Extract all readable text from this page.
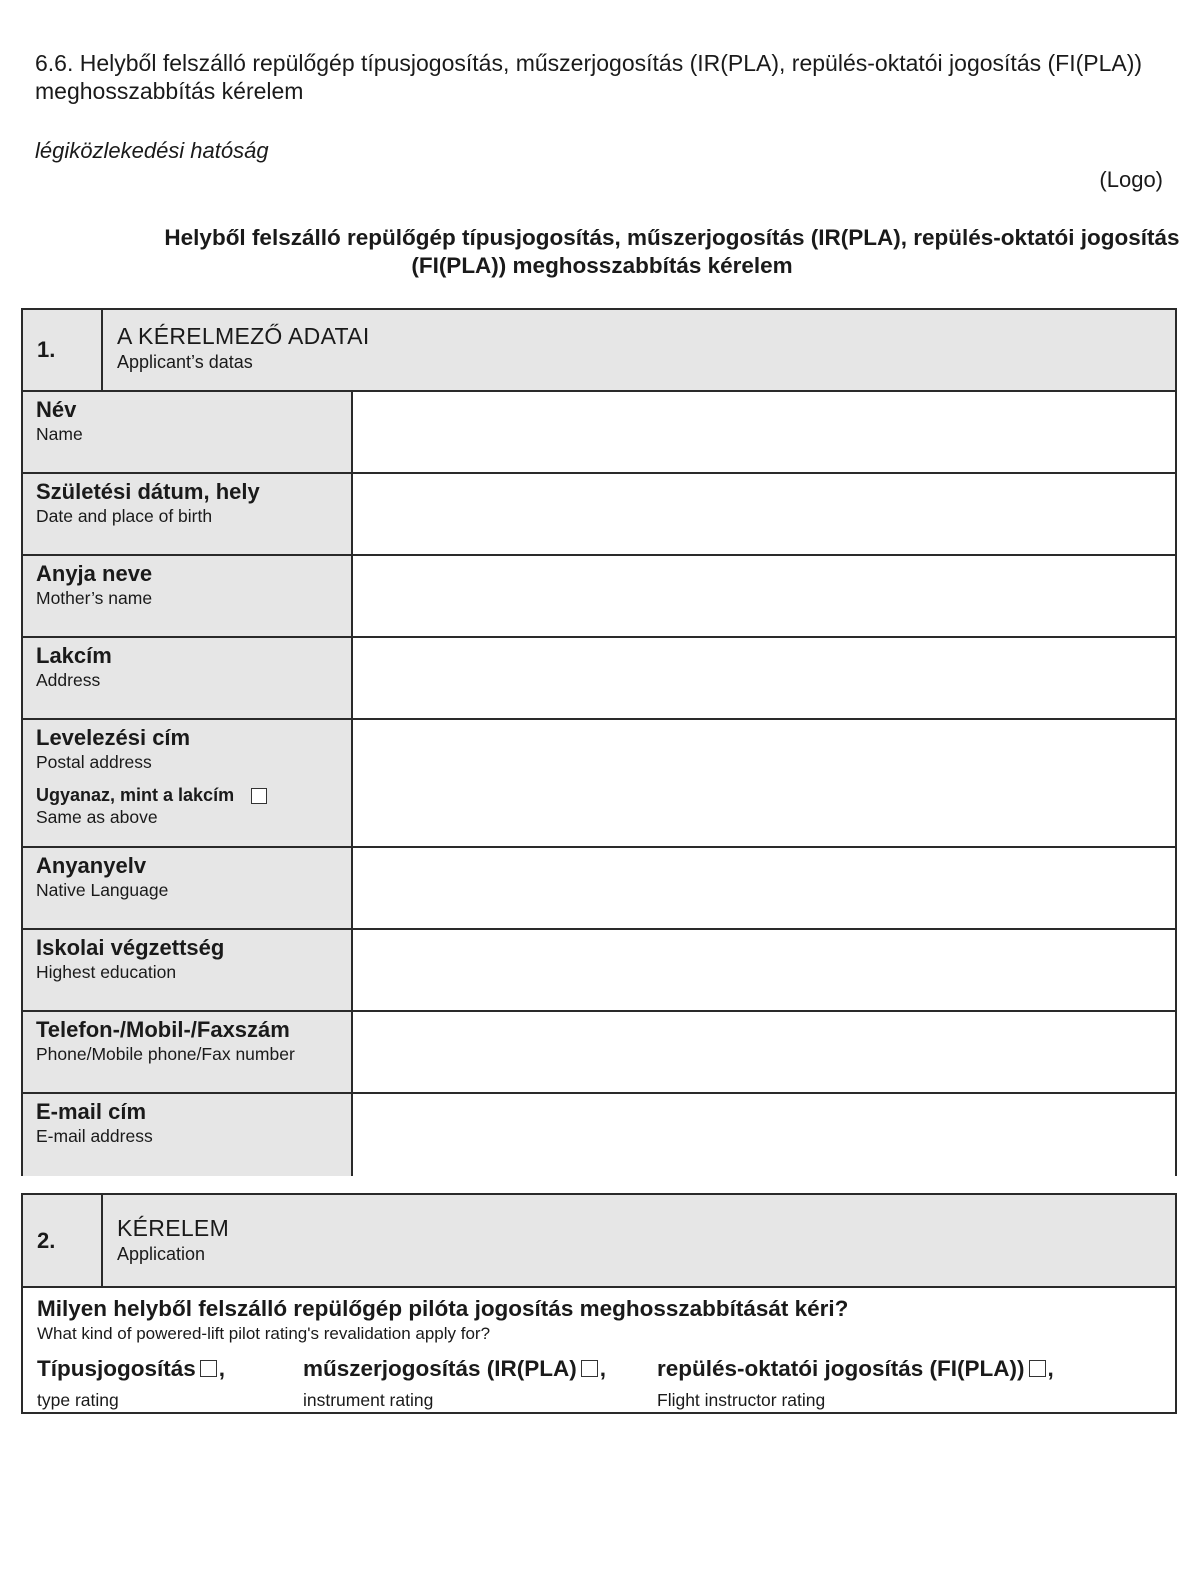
6.6. Helyből felszálló repülőgép típusjogosítás, műszerjogosítás (IR(PLA), repülés-oktatói jogosítás (FI(PLA)) meghosszabbítás kérelem
légiközlekedési hatóság
(Logo)
Helyből felszálló repülőgép típusjogosítás, műszerjogosítás (IR(PLA), repülés-oktatói jogosítás
(FI(PLA)) meghosszabbítás kérelem
1.
A KÉRELMEZŐ ADATAI
Applicant’s datas
Név
Name
Születési dátum, hely
Date and place of birth
Anyja neve
Mother’s name
Lakcím
Address
Levelezési cím
Postal address
Ugyanaz, mint a lakcím
Same as above
Anyanyelv
Native Language
Iskolai végzettség
Highest education
Telefon-/Mobil-/Faxszám
Phone/Mobile phone/Fax number
E-mail cím
E-mail address
2.	KÉRELEM
Application
Milyen helyből felszálló repülőgép pilóta jogosítás meghosszabbítását kéri?
What kind of powered-lift pilot rating's revalidation apply for?
Típusjogosítás ,
type rating
műszerjogosítás (IR(PLA) ,
instrument rating
repülés-oktatói jogosítás (FI(PLA)) ,
Flight instructor rating
